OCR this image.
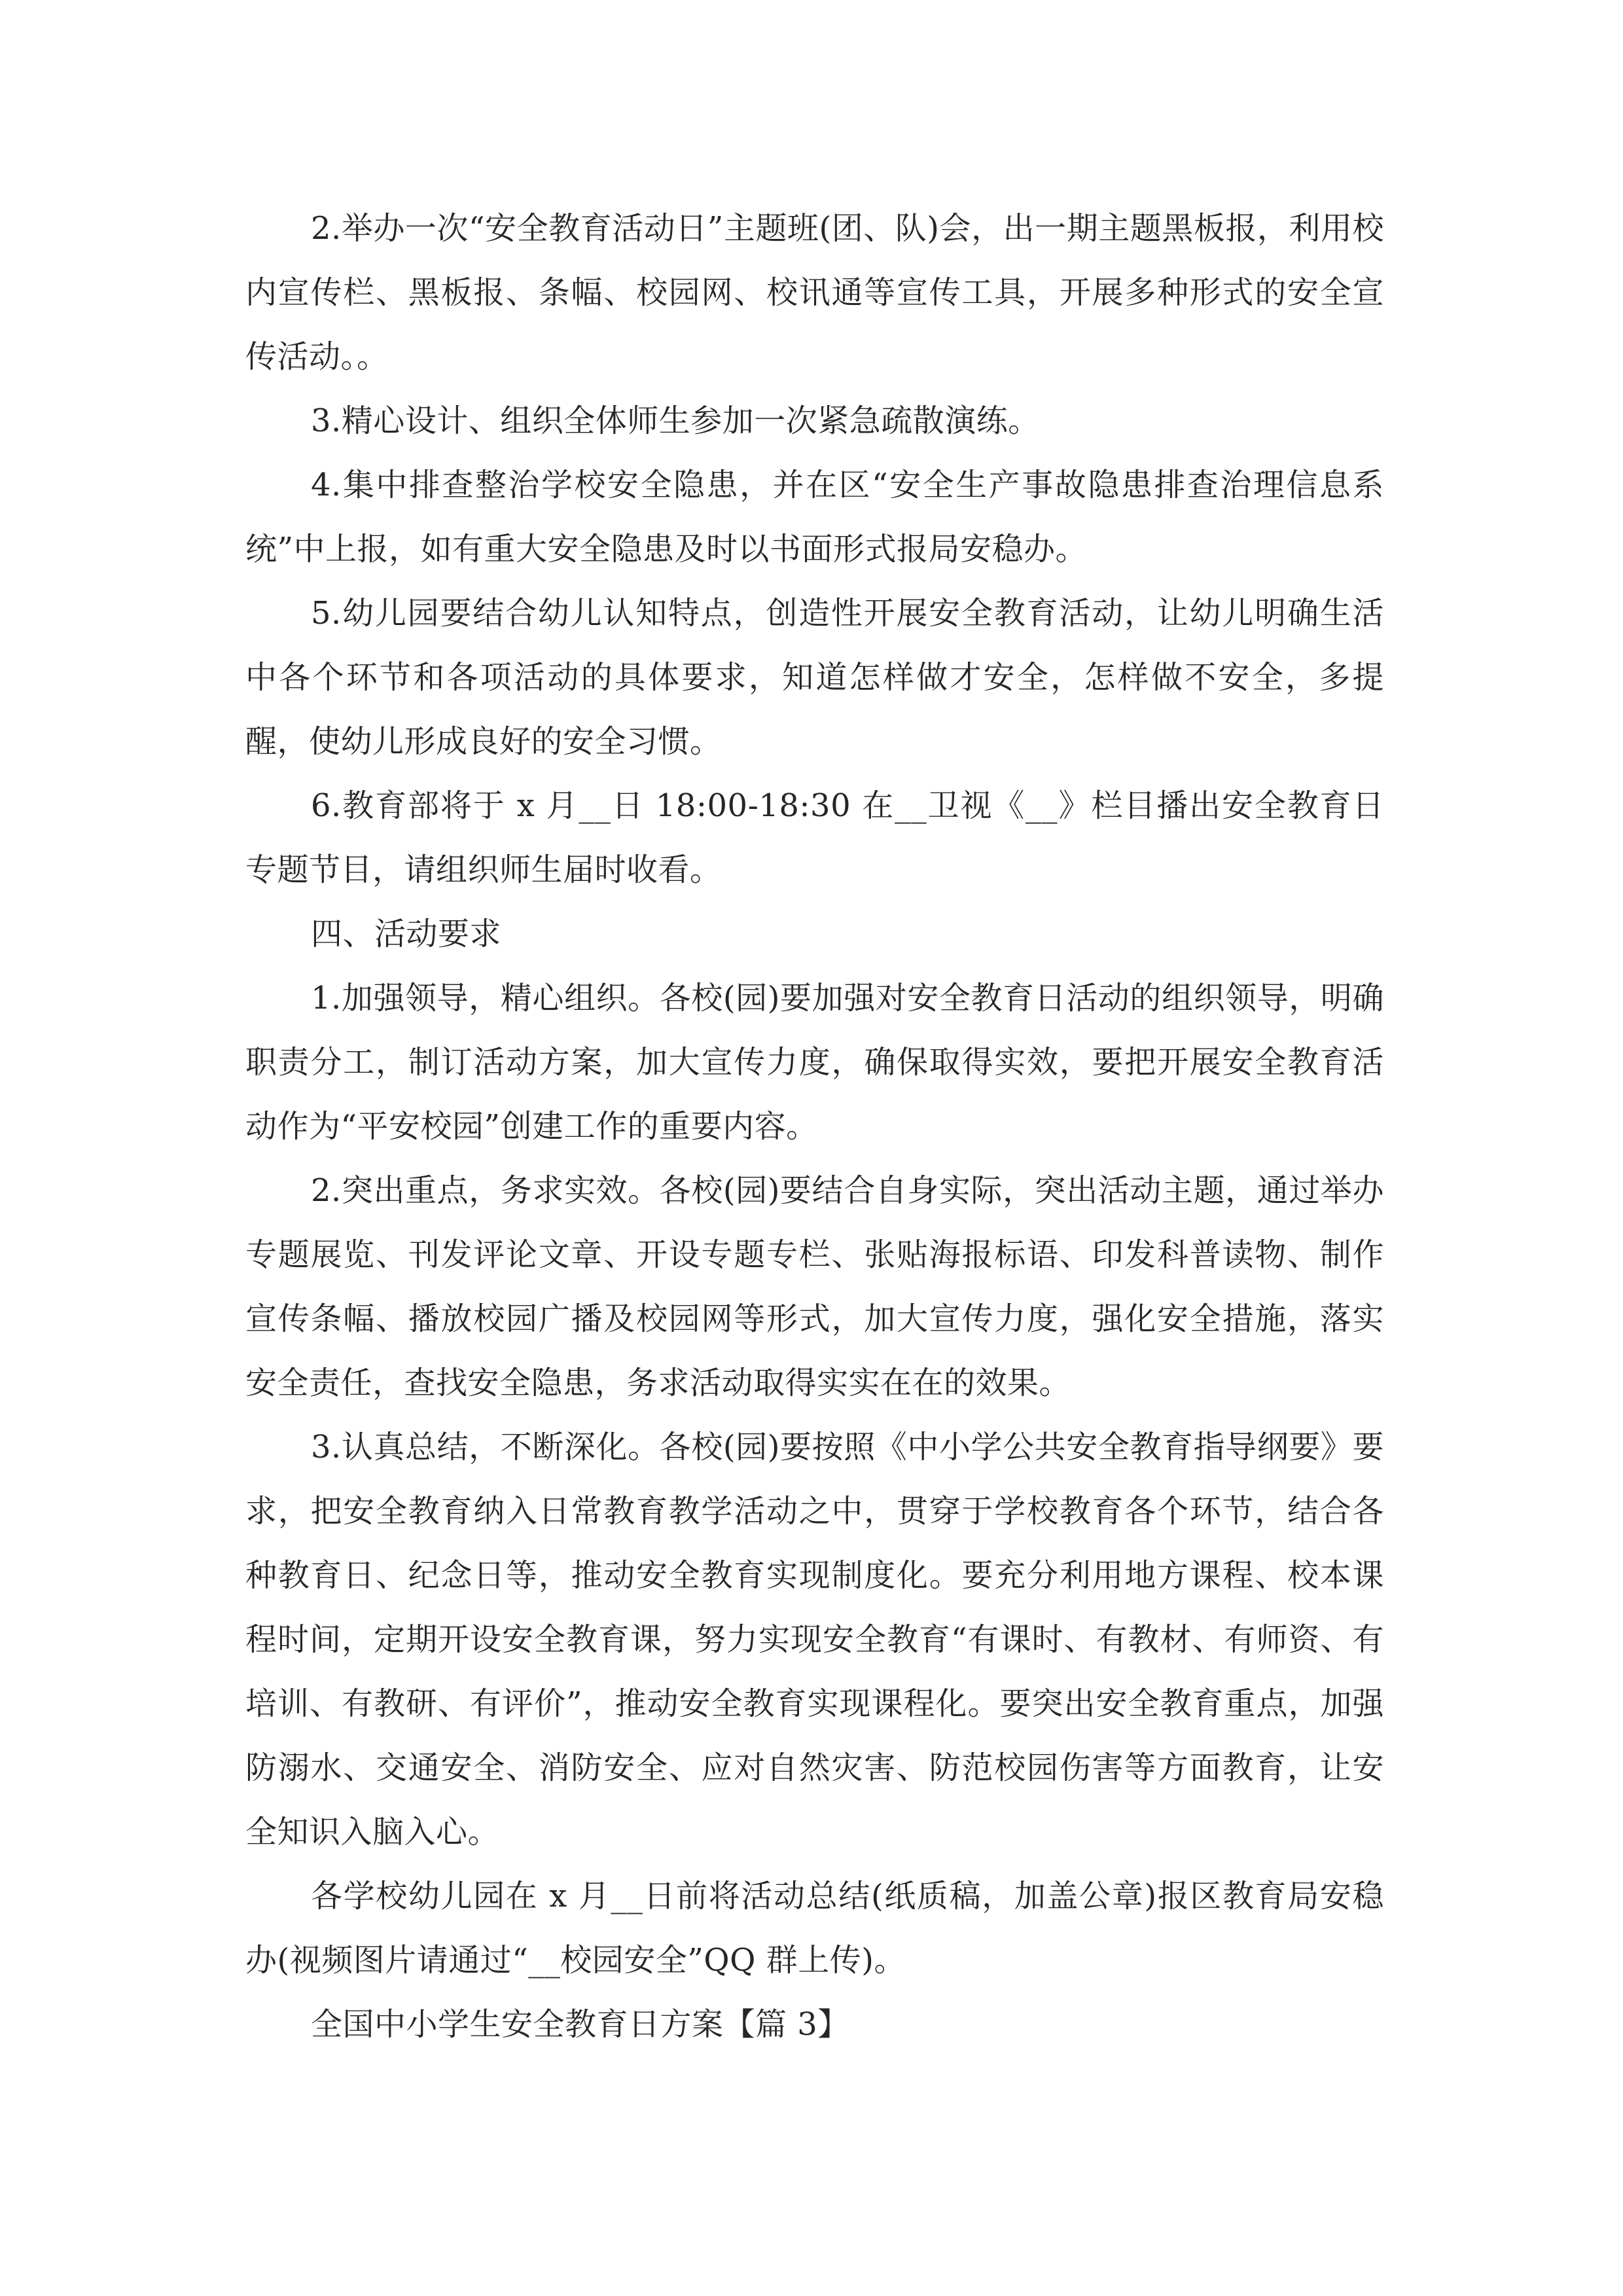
2.举办一次“安全教育活动日”主题班(团、队)会，出一期主题黑板报，利用校内宣传栏、黑板报、条幅、校园网、校讯通等宣传工具，开展多种形式的安全宣传活动。。

3.精心设计、组织全体师生参加一次紧急疏散演练。

4.集中排查整治学校安全隐患，并在区“安全生产事故隐患排查治理信息系统”中上报，如有重大安全隐患及时以书面形式报局安稳办。

5.幼儿园要结合幼儿认知特点，创造性开展安全教育活动，让幼儿明确生活中各个环节和各项活动的具体要求，知道怎样做才安全，怎样做不安全，多提醒，使幼儿形成良好的安全习惯。

6.教育部将于 x 月__日 18:00-18:30 在__卫视《__》栏目播出安全教育日专题节目，请组织师生届时收看。

四、活动要求

1.加强领导，精心组织。各校(园)要加强对安全教育日活动的组织领导，明确职责分工，制订活动方案，加大宣传力度，确保取得实效，要把开展安全教育活动作为“平安校园”创建工作的重要内容。

2.突出重点，务求实效。各校(园)要结合自身实际，突出活动主题，通过举办专题展览、刊发评论文章、开设专题专栏、张贴海报标语、印发科普读物、制作宣传条幅、播放校园广播及校园网等形式，加大宣传力度，强化安全措施，落实安全责任，查找安全隐患，务求活动取得实实在在的效果。

3.认真总结，不断深化。各校(园)要按照《中小学公共安全教育指导纲要》要求，把安全教育纳入日常教育教学活动之中，贯穿于学校教育各个环节，结合各种教育日、纪念日等，推动安全教育实现制度化。要充分利用地方课程、校本课程时间，定期开设安全教育课，努力实现安全教育“有课时、有教材、有师资、有培训、有教研、有评价”，推动安全教育实现课程化。要突出安全教育重点，加强防溺水、交通安全、消防安全、应对自然灾害、防范校园伤害等方面教育，让安全知识入脑入心。

各学校幼儿园在 x 月__日前将活动总结(纸质稿，加盖公章)报区教育局安稳办(视频图片请通过“__校园安全”QQ 群上传)。

全国中小学生安全教育日方案【篇 3】
